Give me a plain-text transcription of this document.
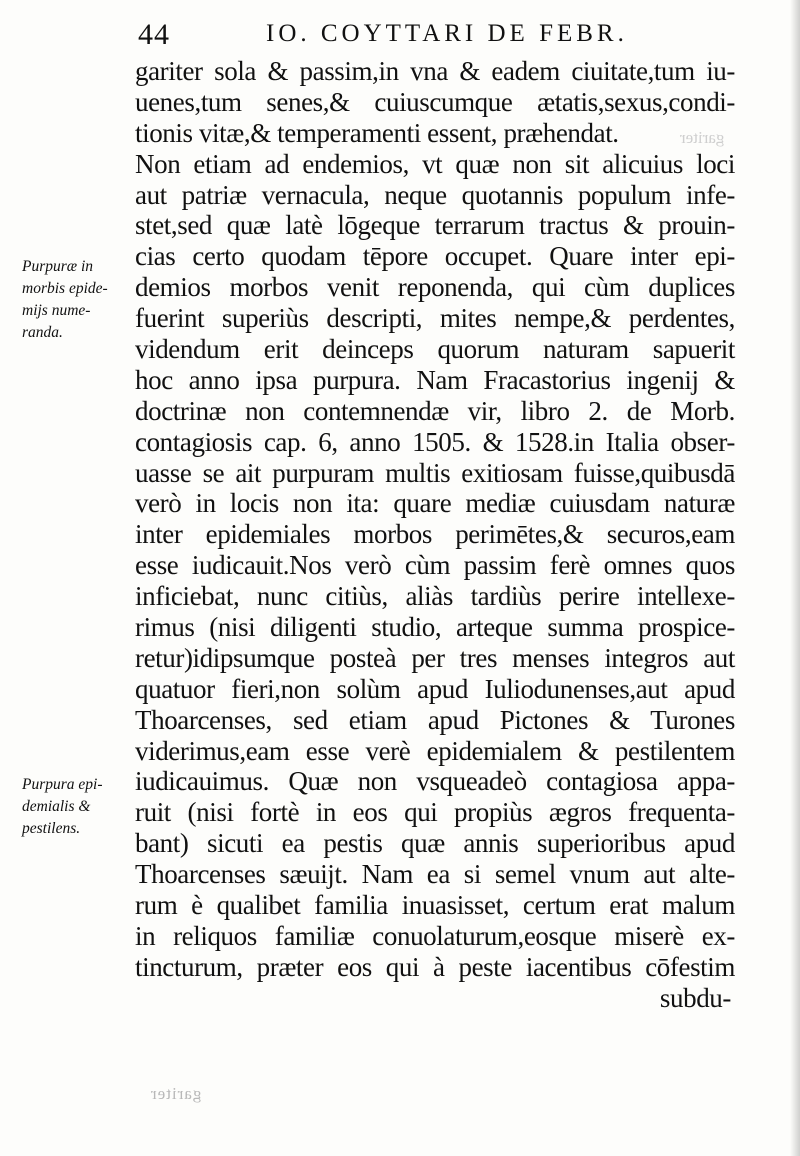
44	IO. COYTTARI DE FEBR.
Purpuræ in
morbis epide-
mijs nume-
randa.
Purpura epi-
demialis &
pestilens.
gariter sola & passim,in vna & eadem ciuitate,tum iu-
uenes,tum senes,& cuiuscumque ætatis,sexus,condi-
tionis vitæ,& temperamenti essent, præhendat.
Non etiam ad endemios, vt quæ non sit alicuius loci
aut patriæ vernacula, neque quotannis populum infe-
stet,sed quæ latè lōgeque terrarum tractus & prouin-
cias certo quodam tēpore occupet. Quare inter epi-
demios morbos venit reponenda, qui cùm duplices
fuerint superiùs descripti, mites nempe,& perdentes,
videndum erit deinceps quorum naturam sapuerit
hoc anno ipsa purpura. Nam Fracastorius ingenij &
doctrinæ non contemnendæ vir, libro 2. de Morb.
contagiosis cap. 6, anno 1505. & 1528.in Italia obser-
uasse se ait purpuram multis exitiosam fuisse,quibusdā
verò in locis non ita: quare mediæ cuiusdam naturæ
inter epidemiales morbos perimētes,& securos,eam
esse iudicauit.Nos verò cùm passim ferè omnes quos
inficiebat, nunc citiùs, aliàs tardiùs perire intellexe-
rimus (nisi diligenti studio, arteque summa prospice-
retur)idipsumque posteà per tres menses integros aut
quatuor fieri,non solùm apud Iuliodunenses,aut apud
Thoarcenses, sed etiam apud Pictones & Turones
viderimus,eam esse verè epidemialem & pestilentem
iudicauimus. Quæ non vsqueadeò contagiosa appa-
ruit (nisi fortè in eos qui propiùs ægros frequenta-
bant) sicuti ea pestis quæ annis superioribus apud
Thoarcenses sæuijt. Nam ea si semel vnum aut alte-
rum è qualibet familia inuasisset, certum erat malum
in reliquos familiæ conuolaturum,eosque miserè ex-
tincturum, præter eos qui à peste iacentibus cōfestim
subdu-
gariter
gariter
